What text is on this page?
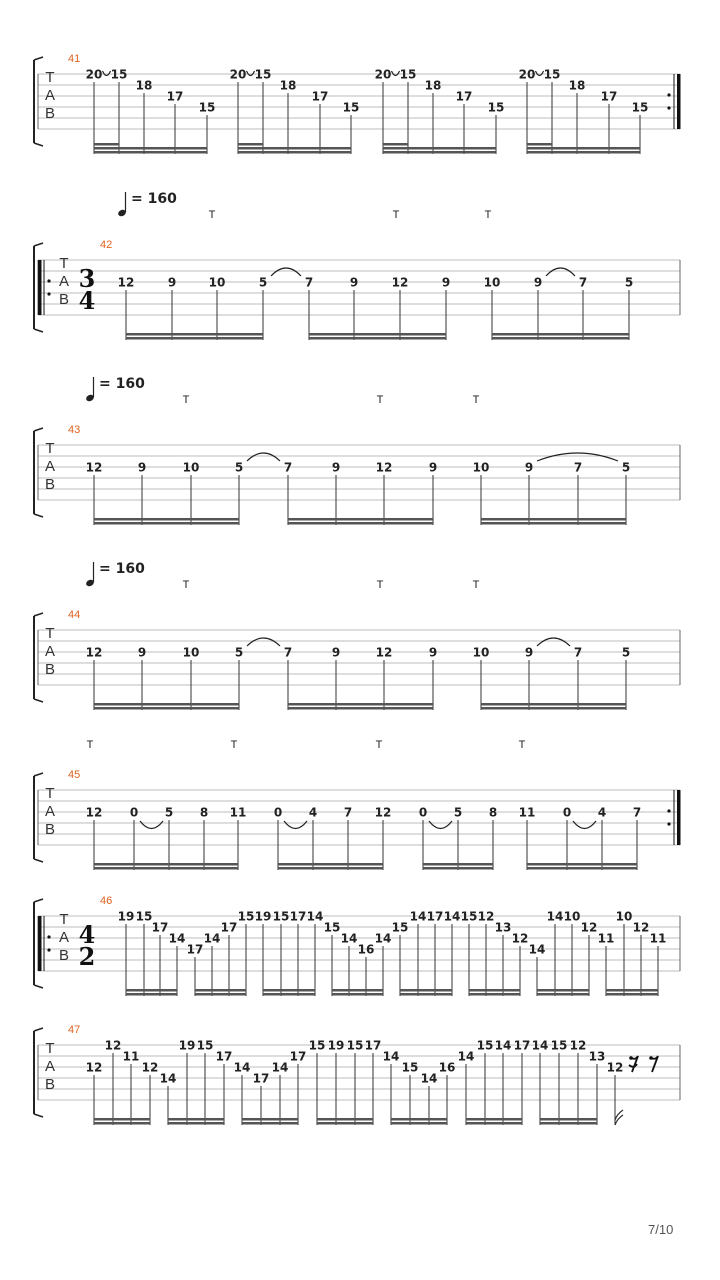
T
A
B
41
20 15
18
17
15
20 15
18
17
15
20 15
18
17
15
20 15
18
17
15
T
A
B
3
4
42
12	9	10	5	7	9	12	9	10	9	7	5
T	T	T
= 160
T
A
B
43
12	9	10	5	7	9	12	9	10	9	7	5
T	T	T
= 160
T
A
B
44
12	9	10	5	7	9	12	9	10	9	7	5
T	T	T
= 160
T
A
B
45
12 0 5 8 11 0 4 7 12 0 5 8 11 0 4 7
T	T	T	T
T
A
B
4
2
46
19 15
17
14
17
14
17
15 19 15 17 14
15
14
16
14
15
14 17 14 15 12
13
12
14
14 10
12
11
10
12
11
T
A
B
47
12
12
11
12
14
19 15
17
14
17
14
17
15 19 15 17
14
15
14
16
14
15 14 17 14 15 12
13
12
7/10
